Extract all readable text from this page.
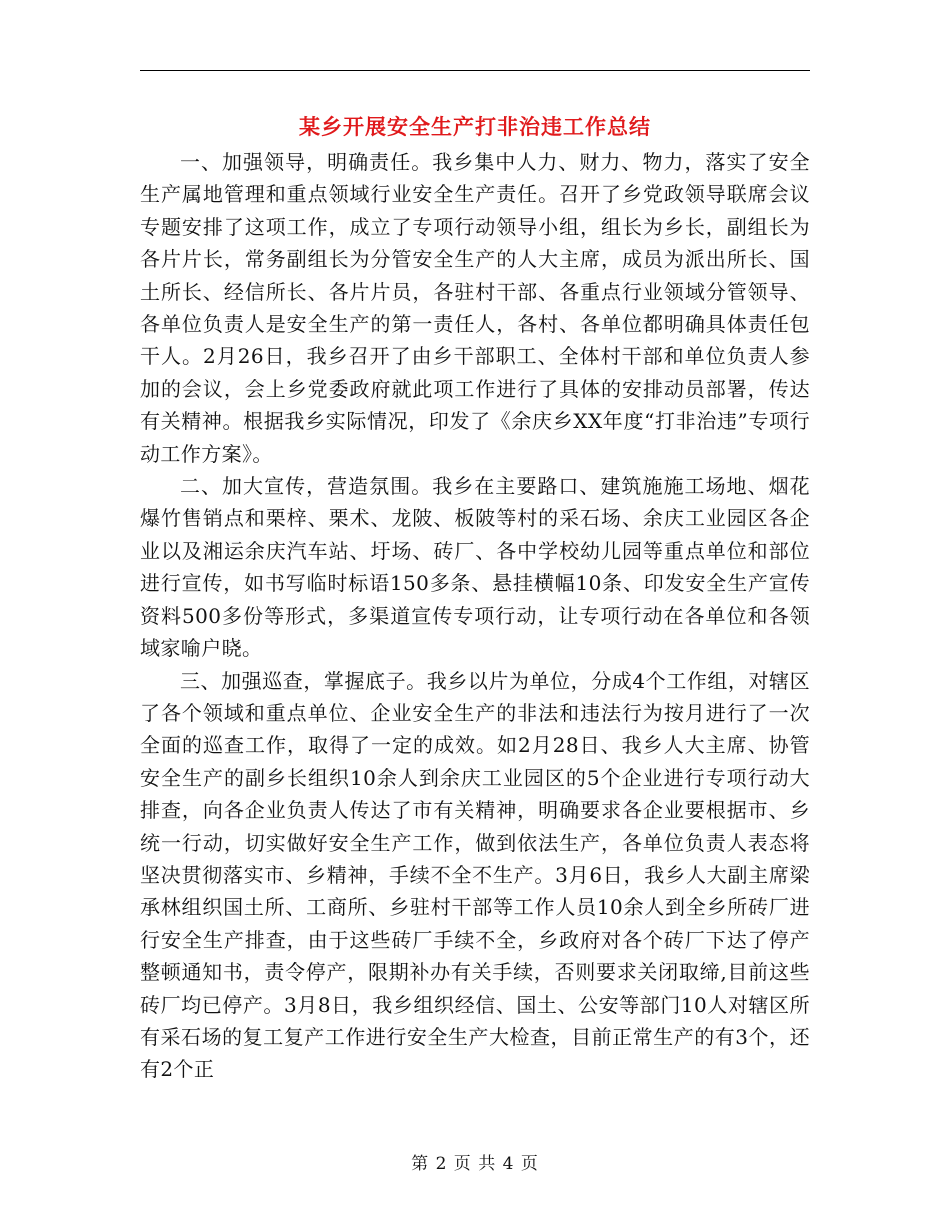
某乡开展安全生产打非治违工作总结

一、加强领导，明确责任。我乡集中人力、财力、物力，落实了安全生产属地管理和重点领域行业安全生产责任。召开了乡党政领导联席会议专题安排了这项工作，成立了专项行动领导小组，组长为乡长，副组长为各片片长，常务副组长为分管安全生产的人大主席，成员为派出所长、国土所长、经信所长、各片片员，各驻村干部、各重点行业领域分管领导、各单位负责人是安全生产的第一责任人，各村、各单位都明确具体责任包干人。2月26日，我乡召开了由乡干部职工、全体村干部和单位负责人参加的会议，会上乡党委政府就此项工作进行了具体的安排动员部署，传达有关精神。根据我乡实际情况，印发了《余庆乡XX年度“打非治违”专项行动工作方案》。

二、加大宣传，营造氛围。我乡在主要路口、建筑施施工场地、烟花爆竹售销点和栗梓、栗术、龙陂、板陂等村的采石场、余庆工业园区各企业以及湘运余庆汽车站、圩场、砖厂、各中学校幼儿园等重点单位和部位进行宣传，如书写临时标语150多条、悬挂横幅10条、印发安全生产宣传资料500多份等形式，多渠道宣传专项行动，让专项行动在各单位和各领域家喻户晓。

三、加强巡查，掌握底子。我乡以片为单位，分成4个工作组，对辖区了各个领域和重点单位、企业安全生产的非法和违法行为按月进行了一次全面的巡查工作，取得了一定的成效。如2月28日、我乡人大主席、协管安全生产的副乡长组织10余人到余庆工业园区的5个企业进行专项行动大排查，向各企业负责人传达了市有关精神，明确要求各企业要根据市、乡统一行动，切实做好安全生产工作，做到依法生产，各单位负责人表态将坚决贯彻落实市、乡精神，手续不全不生产。3月6日，我乡人大副主席梁承林组织国土所、工商所、乡驻村干部等工作人员10余人到全乡所砖厂进行安全生产排查，由于这些砖厂手续不全，乡政府对各个砖厂下达了停产整顿通知书，责令停产，限期补办有关手续，否则要求关闭取缔,目前这些砖厂均已停产。3月8日，我乡组织经信、国土、公安等部门10人对辖区所有采石场的复工复产工作进行安全生产大检查，目前正常生产的有3个，还有2个正

第 2 页 共 4 页
